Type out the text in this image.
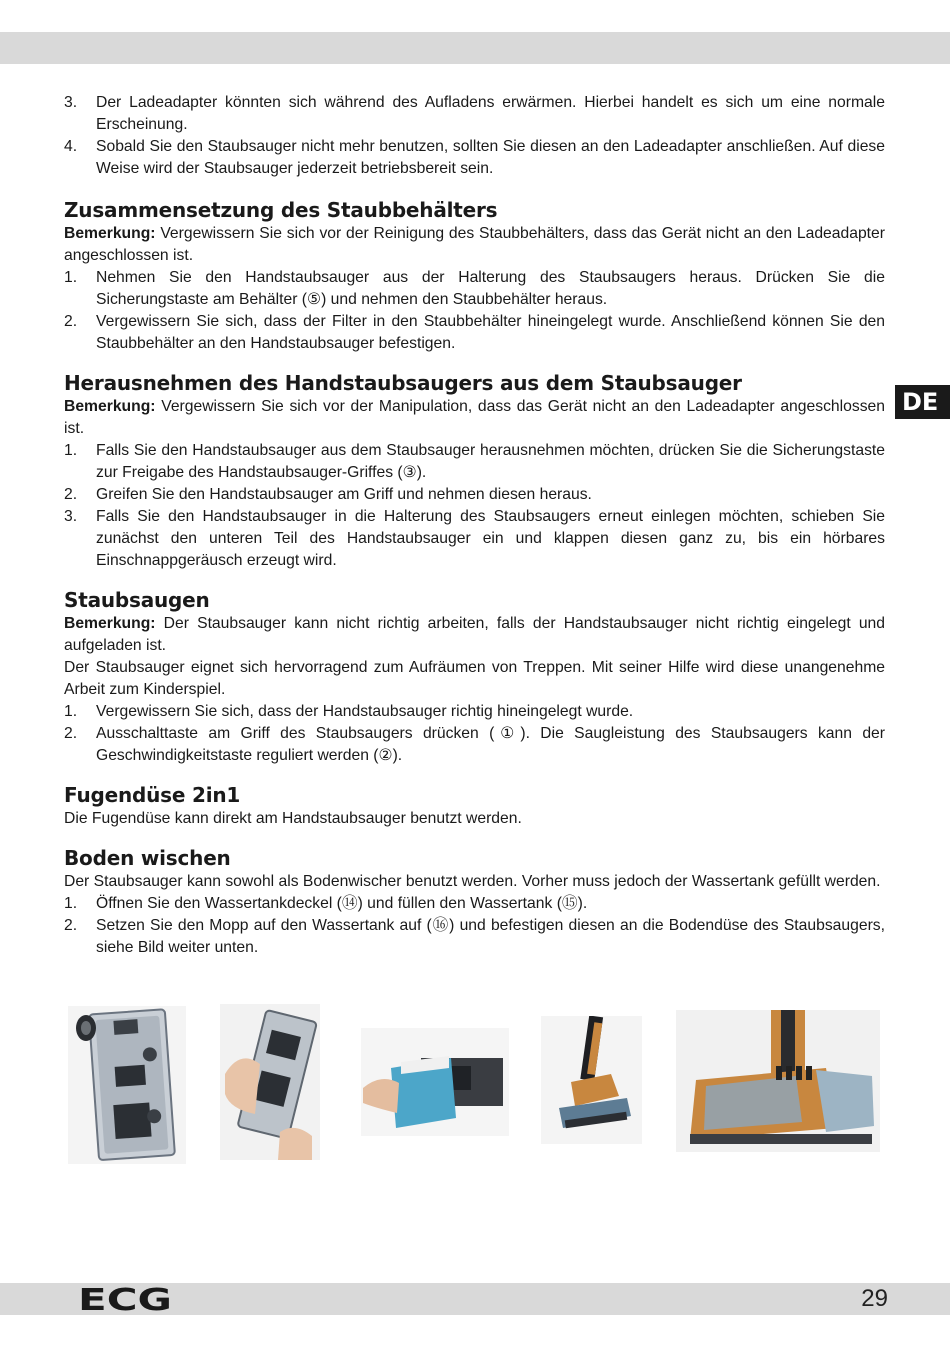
DE
3. Der Ladeadapter könnten sich während des Aufladens erwärmen. Hierbei handelt es sich um eine normale Erscheinung.
4. Sobald Sie den Staubsauger nicht mehr benutzen, sollten Sie diesen an den Ladeadapter anschließen. Auf diese Weise wird der Staubsauger jederzeit betriebsbereit sein.
Zusammensetzung des Staubbehälters

Bemerkung: Vergewissern Sie sich vor der Reinigung des Staubbehälters, dass das Gerät nicht an den Ladeadapter angeschlossen ist.

1. Nehmen Sie den Handstaubsauger aus der Halterung des Staubsaugers heraus. Drücken Sie die Sicherungstaste am Behälter (⑤) und nehmen den Staubbehälter heraus.
2. Vergewissern Sie sich, dass der Filter in den Staubbehälter hineingelegt wurde. Anschließend können Sie den Staubbehälter an den Handstaubsauger befestigen.
Herausnehmen des Handstaubsaugers aus dem Staubsauger

Bemerkung: Vergewissern Sie sich vor der Manipulation, dass das Gerät nicht an den Ladeadapter angeschlossen ist.

1. Falls Sie den Handstaubsauger aus dem Staubsauger herausnehmen möchten, drücken Sie die Sicherungstaste zur Freigabe des Handstaubsauger-Griffes (③).
2. Greifen Sie den Handstaubsauger am Griff und nehmen diesen heraus.
3. Falls Sie den Handstaubsauger in die Halterung des Staubsaugers erneut einlegen möchten, schieben Sie zunächst den unteren Teil des Handstaubsauger ein und klappen diesen ganz zu, bis ein hörbares Einschnappgeräusch erzeugt wird.
Staubsaugen

Bemerkung: Der Staubsauger kann nicht richtig arbeiten, falls der Handstaubsauger nicht richtig eingelegt und aufgeladen ist.

Der Staubsauger eignet sich hervorragend zum Aufräumen von Treppen. Mit seiner Hilfe wird diese unangenehme Arbeit zum Kinderspiel.

1. Vergewissern Sie sich, dass der Handstaubsauger richtig hineingelegt wurde.
2. Ausschalttaste am Griff des Staubsaugers drücken (①). Die Saugleistung des Staubsaugers kann der Geschwindigkeitstaste reguliert werden (②).
Fugendüse 2in1

Die Fugendüse kann direkt am Handstaubsauger benutzt werden.

Boden wischen

Der Staubsauger kann sowohl als Bodenwischer benutzt werden. Vorher muss jedoch der Wassertank gefüllt werden.

1. Öffnen Sie den Wassertankdeckel (⑭) und füllen den Wassertank (⑮).
2. Setzen Sie den Mopp auf den Wassertank auf (⑯) und befestigen diesen an die Bodendüse des Staubsaugers, siehe Bild weiter unten.
ECG	29
